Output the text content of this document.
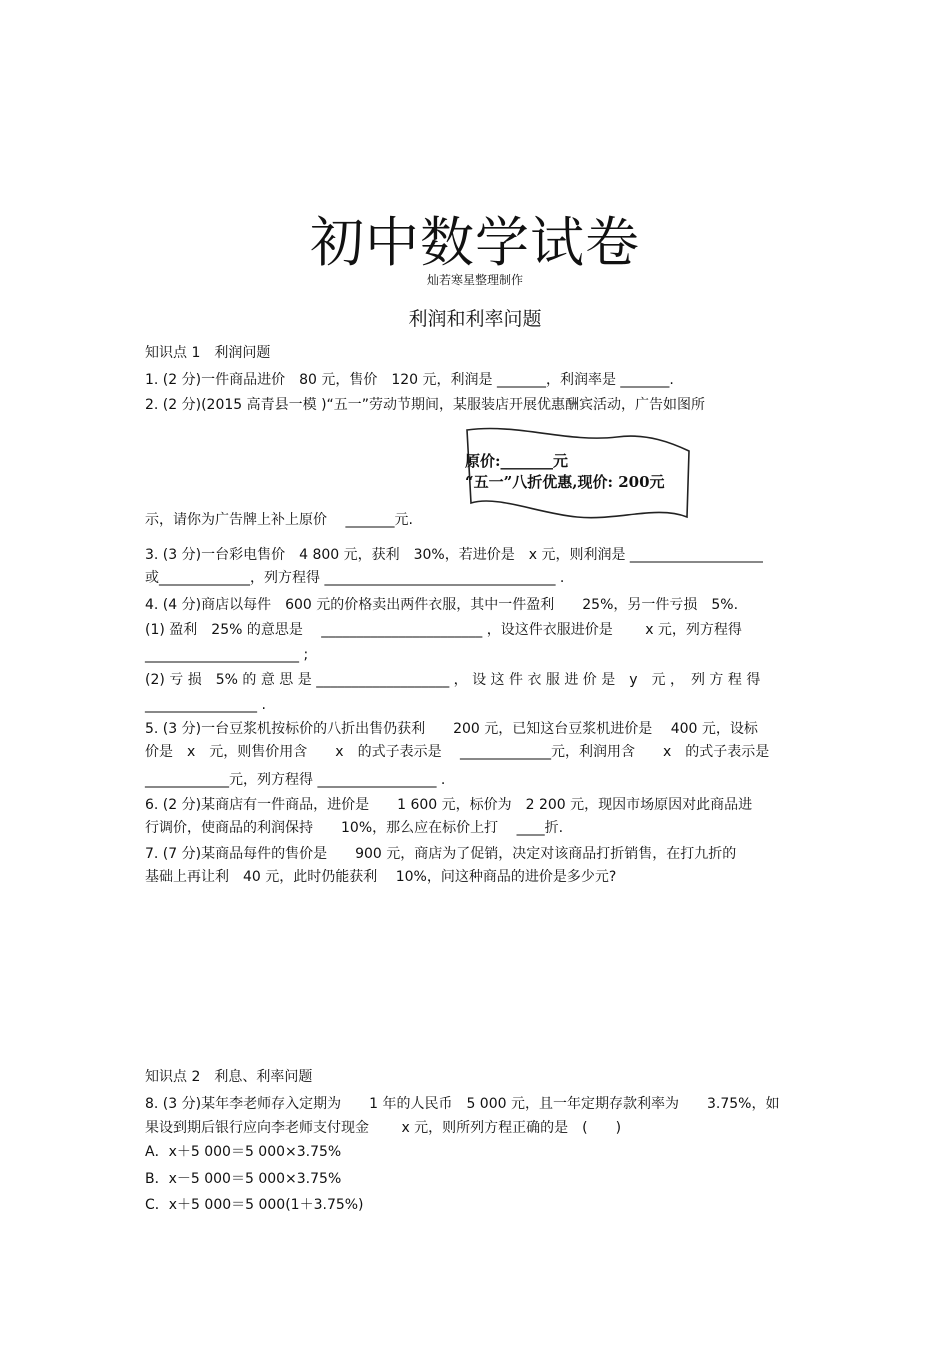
初中数学试卷
灿若寒星整理制作
利润和利率问题
知识点 1　利润问题
1. (2 分)一件商品进价　80 元，售价　120 元，利润是 _______，利润率是 _______.
2. (2 分)(2015 高青县一模 )“五一”劳动节期间，某服装店开展优惠酬宾活动，广告如图所
原价:_______元
“五一”八折优惠,现价: 200元
示，请你为广告牌上补上原价　 _______元.
3. (3 分)一台彩电售价　4 800 元，获利　30%，若进价是　x 元，则利润是 ___________________
或_____________，列方程得 _________________________________ .
4. (4 分)商店以每件　600 元的价格卖出两件衣服，其中一件盈利　　25%，另一件亏损　5%.
(1) 盈利　25% 的意思是　 _______________________ ，设这件衣服进价是　　 x 元，列方程得
______________________ ;
(2) 亏 损　5% 的 意 思 是 ___________________ ， 设 这 件 衣 服 进 价 是　y　元 ，　列 方 程 得
________________ .
5. (3 分)一台豆浆机按标价的八折出售仍获利　　200 元，已知这台豆浆机进价是　 400 元，设标
价是　x　元，则售价用含　　x　的式子表示是　 _____________元，利润用含　　x　的式子表示是
____________元，列方程得 _________________ .
6. (2 分)某商店有一件商品，进价是　　1 600 元，标价为　2 200 元，现因市场原因对此商品进
行调价，使商品的利润保持　　10%，那么应在标价上打　 ____折.
7. (7 分)某商品每件的售价是　　900 元，商店为了促销，决定对该商品打折销售，在打九折的
基础上再让利　40 元，此时仍能获利　 10%，问这种商品的进价是多少元?
知识点 2　利息、利率问题
8. (3 分)某年李老师存入定期为　　1 年的人民币　5 000 元，且一年定期存款利率为　　3.75%，如
果设到期后银行应向李老师支付现金　　 x 元，则所列方程正确的是　(　　)
A．x＋5 000＝5 000×3.75%
B．x－5 000＝5 000×3.75%
C．x＋5 000＝5 000(1＋3.75%)
